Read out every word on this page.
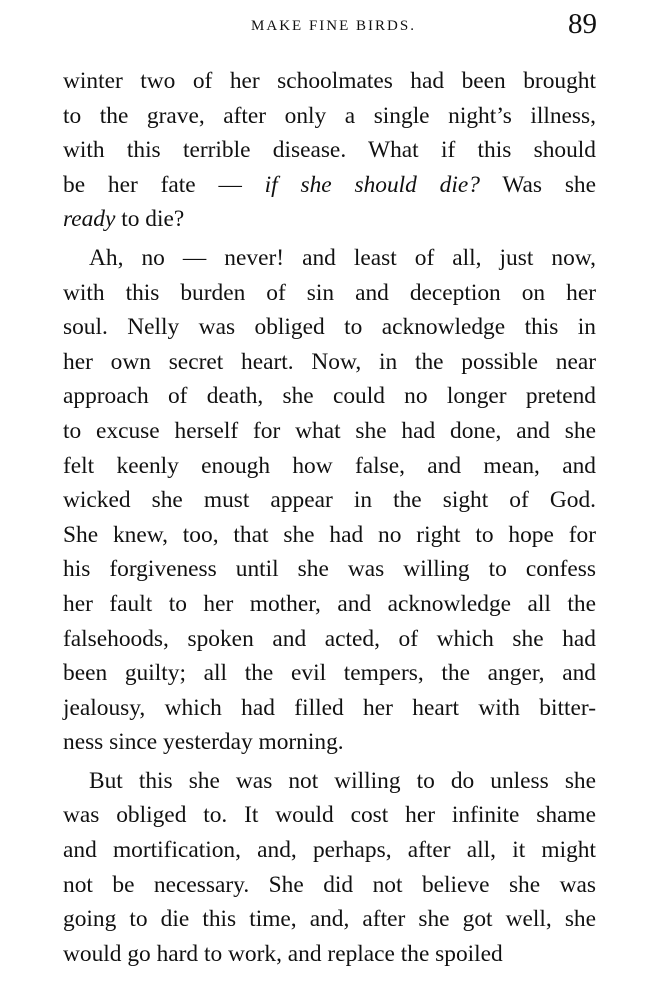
MAKE FINE BIRDS.	89

winter two of her schoolmates had been brought
to the grave, after only a single night’s illness,
with this terrible disease. What if this should
be her fate — if she should die? Was she
ready to die?

Ah, no — never! and least of all, just now,
with this burden of sin and deception on her
soul. Nelly was obliged to acknowledge this in
her own secret heart. Now, in the possible near
approach of death, she could no longer pretend
to excuse herself for what she had done, and she
felt keenly enough how false, and mean, and
wicked she must appear in the sight of God.
She knew, too, that she had no right to hope for
his forgiveness until she was willing to confess
her fault to her mother, and acknowledge all the
falsehoods, spoken and acted, of which she had
been guilty; all the evil tempers, the anger, and
jealousy, which had filled her heart with bitter-
ness since yesterday morning.

But this she was not willing to do unless she
was obliged to. It would cost her infinite shame
and mortification, and, perhaps, after all, it might
not be necessary. She did not believe she was
going to die this time, and, after she got well, she
would go hard to work, and replace the spoiled
